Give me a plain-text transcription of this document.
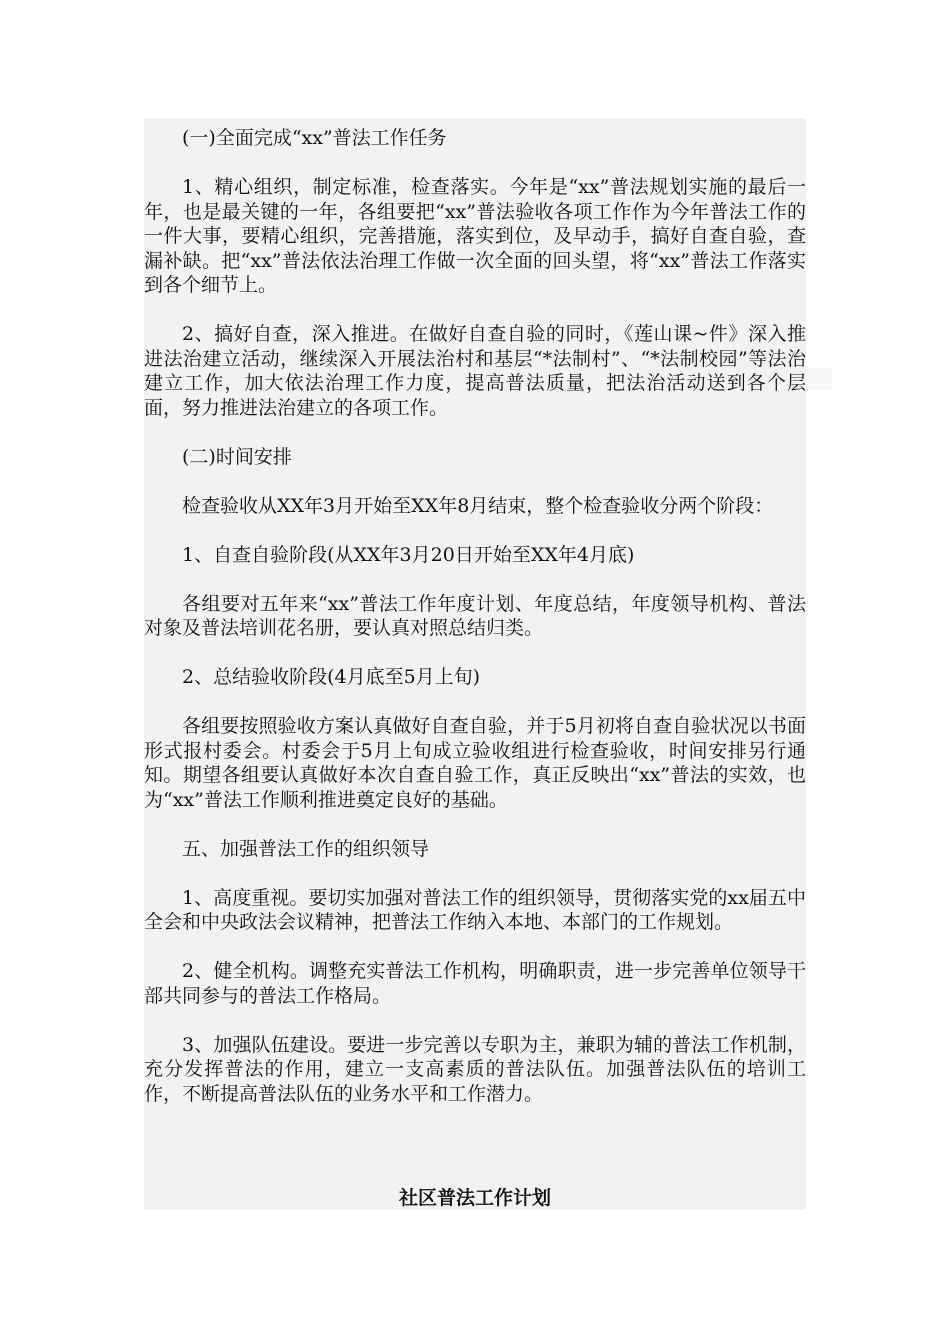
(一)全面完成“xx”普法工作任务

1、精心组织，制定标准，检查落实。今年是“xx”普法规划实施的最后一年，也是最关键的一年，各组要把“xx”普法验收各项工作作为今年普法工作的一件大事，要精心组织，完善措施，落实到位，及早动手，搞好自查自验，查漏补缺。把“xx”普法依法治理工作做一次全面的回头望，将“xx”普法工作落实到各个细节上。

2、搞好自查，深入推进。在做好自查自验的同时，《莲山课~件》深入推进法治建立活动，继续深入开展法治村和基层“*法制村”、“*法制校园”等法治建立工作，加大依法治理工作力度，提高普法质量，把法治活动送到各个层面，努力推进法治建立的各项工作。

(二)时间安排

检查验收从XX年3月开始至XX年8月结束，整个检查验收分两个阶段：

1、自查自验阶段(从XX年3月20日开始至XX年4月底)

各组要对五年来“xx”普法工作年度计划、年度总结，年度领导机构、普法对象及普法培训花名册，要认真对照总结归类。

2、总结验收阶段(4月底至5月上旬)

各组要按照验收方案认真做好自查自验，并于5月初将自查自验状况以书面形式报村委会。村委会于5月上旬成立验收组进行检查验收，时间安排另行通知。期望各组要认真做好本次自查自验工作，真正反映出“xx”普法的实效，也为“xx”普法工作顺利推进奠定良好的基础。

五、加强普法工作的组织领导

1、高度重视。要切实加强对普法工作的组织领导，贯彻落实党的xx届五中全会和中央政法会议精神，把普法工作纳入本地、本部门的工作规划。

2、健全机构。调整充实普法工作机构，明确职责，进一步完善单位领导干部共同参与的普法工作格局。

3、加强队伍建设。要进一步完善以专职为主，兼职为辅的普法工作机制，充分发挥普法的作用，建立一支高素质的普法队伍。加强普法队伍的培训工作，不断提高普法队伍的业务水平和工作潜力。

社区普法工作计划
